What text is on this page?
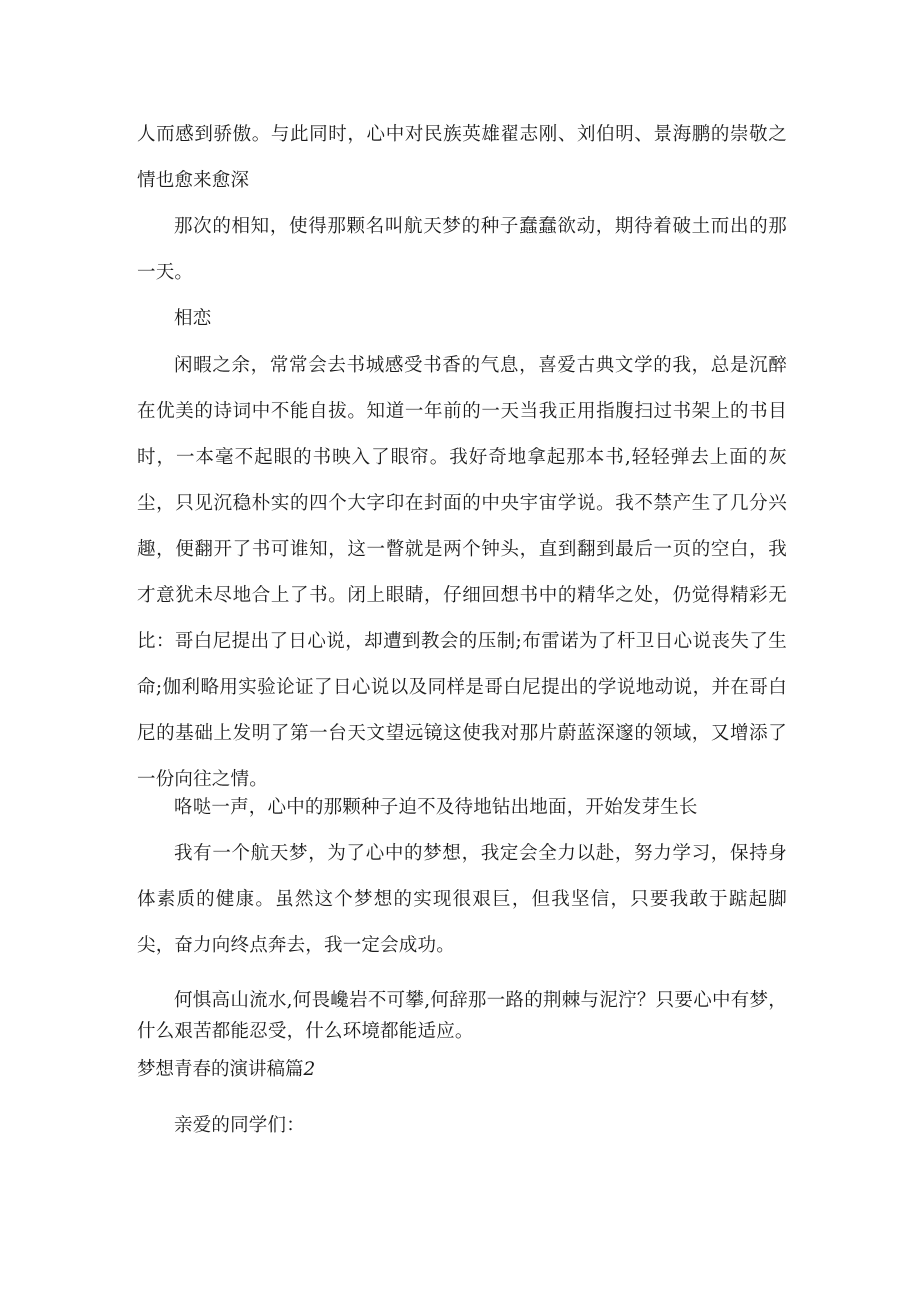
人而感到骄傲。与此同时，心中对民族英雄翟志刚、刘伯明、景海鹏的崇敬之情也愈来愈深

那次的相知，使得那颗名叫航天梦的种子蠢蠢欲动，期待着破土而出的那一天。

相恋

闲暇之余，常常会去书城感受书香的气息，喜爱古典文学的我，总是沉醉在优美的诗词中不能自拔。知道一年前的一天当我正用指腹扫过书架上的书目时，一本毫不起眼的书映入了眼帘。我好奇地拿起那本书,轻轻弹去上面的灰尘，只见沉稳朴实的四个大字印在封面的中央宇宙学说。我不禁产生了几分兴趣，便翻开了书可谁知，这一瞥就是两个钟头，直到翻到最后一页的空白，我才意犹未尽地合上了书。闭上眼睛，仔细回想书中的精华之处，仍觉得精彩无比：哥白尼提出了日心说，却遭到教会的压制;布雷诺为了杆卫日心说丧失了生命;伽利略用实验论证了日心说以及同样是哥白尼提出的学说地动说，并在哥白尼的基础上发明了第一台天文望远镜这使我对那片蔚蓝深邃的领域，又增添了一份向往之情。

咯哒一声，心中的那颗种子迫不及待地钻出地面，开始发芽生长

我有一个航天梦，为了心中的梦想，我定会全力以赴，努力学习，保持身体素质的健康。虽然这个梦想的实现很艰巨，但我坚信，只要我敢于踮起脚尖，奋力向终点奔去，我一定会成功。

何惧高山流水,何畏巉岩不可攀,何辞那一路的荆棘与泥泞？只要心中有梦，什么艰苦都能忍受，什么环境都能适应。

梦想青春的演讲稿篇2

亲爱的同学们：
